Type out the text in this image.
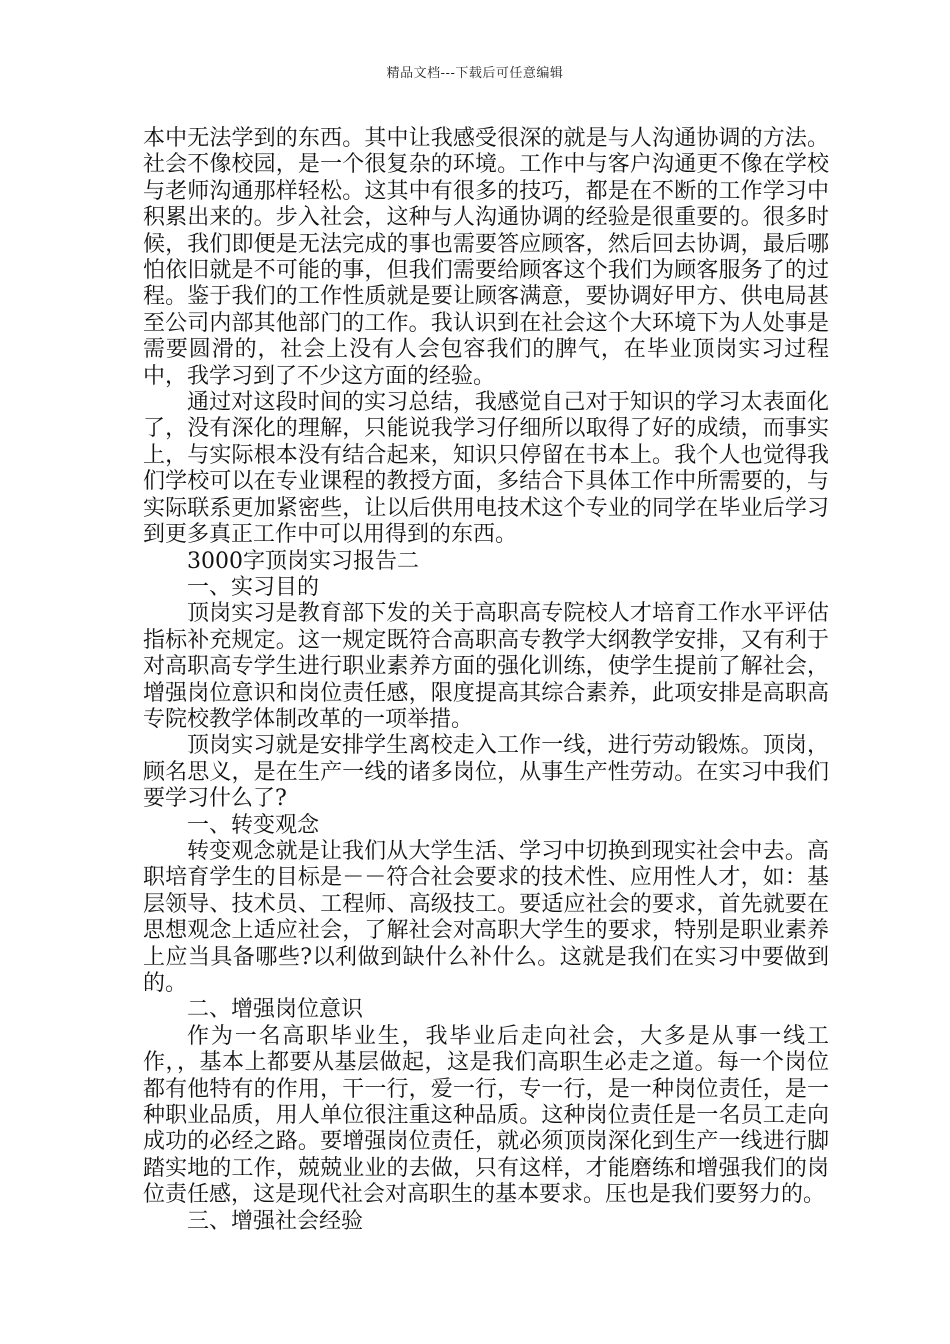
精品文档---下载后可任意编辑

本中无法学到的东西。其中让我感受很深的就是与人沟通协调的方法。社会不像校园，是一个很复杂的环境。工作中与客户沟通更不像在学校与老师沟通那样轻松。这其中有很多的技巧，都是在不断的工作学习中积累出来的。步入社会，这种与人沟通协调的经验是很重要的。很多时候，我们即便是无法完成的事也需要答应顾客，然后回去协调，最后哪怕依旧就是不可能的事，但我们需要给顾客这个我们为顾客服务了的过程。鉴于我们的工作性质就是要让顾客满意，要协调好甲方、供电局甚至公司内部其他部门的工作。我认识到在社会这个大环境下为人处事是需要圆滑的，社会上没有人会包容我们的脾气，在毕业顶岗实习过程中，我学习到了不少这方面的经验。

通过对这段时间的实习总结，我感觉自己对于知识的学习太表面化了，没有深化的理解，只能说我学习仔细所以取得了好的成绩，而事实上，与实际根本没有结合起来，知识只停留在书本上。我个人也觉得我们学校可以在专业课程的教授方面，多结合下具体工作中所需要的，与实际联系更加紧密些，让以后供用电技术这个专业的同学在毕业后学习到更多真正工作中可以用得到的东西。

3000字顶岗实习报告二

一、实习目的

顶岗实习是教育部下发的关于高职高专院校人才培育工作水平评估指标补充规定。这一规定既符合高职高专教学大纲教学安排，又有利于对高职高专学生进行职业素养方面的强化训练，使学生提前了解社会，增强岗位意识和岗位责任感，限度提高其综合素养，此项安排是高职高专院校教学体制改革的一项举措。

顶岗实习就是安排学生离校走入工作一线，进行劳动锻炼。顶岗，顾名思义，是在生产一线的诸多岗位，从事生产性劳动。在实习中我们要学习什么了?

一、转变观念

转变观念就是让我们从大学生活、学习中切换到现实社会中去。高职培育学生的目标是－－符合社会要求的技术性、应用性人才，如：基层领导、技术员、工程师、高级技工。要适应社会的要求，首先就要在思想观念上适应社会，了解社会对高职大学生的要求，特别是职业素养上应当具备哪些?以利做到缺什么补什么。这就是我们在实习中要做到的。

二、增强岗位意识

作为一名高职毕业生，我毕业后走向社会，大多是从事一线工作，，基本上都要从基层做起，这是我们高职生必走之道。每一个岗位都有他特有的作用，干一行，爱一行，专一行，是一种岗位责任，是一种职业品质，用人单位很注重这种品质。这种岗位责任是一名员工走向成功的必经之路。要增强岗位责任，就必须顶岗深化到生产一线进行脚踏实地的工作，兢兢业业的去做，只有这样，才能磨练和增强我们的岗位责任感，这是现代社会对高职生的基本要求。压也是我们要努力的。

三、增强社会经验
